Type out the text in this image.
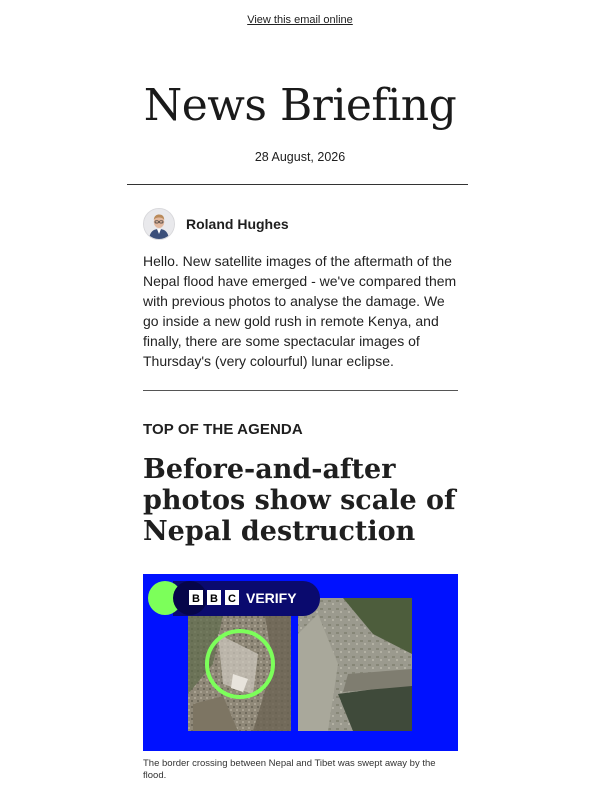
View this email online
News Briefing
28 August, 2026
Roland Hughes
Hello. New satellite images of the aftermath of the Nepal flood have emerged - we've compared them with previous photos to analyse the damage. We go inside a new gold rush in remote Kenya, and finally, there are some spectacular images of Thursday's (very colourful) lunar eclipse.
TOP OF THE AGENDA
Before-and-after photos show scale of Nepal destruction
B B C VERIFY
The border crossing between Nepal and Tibet was swept away by the flood.
